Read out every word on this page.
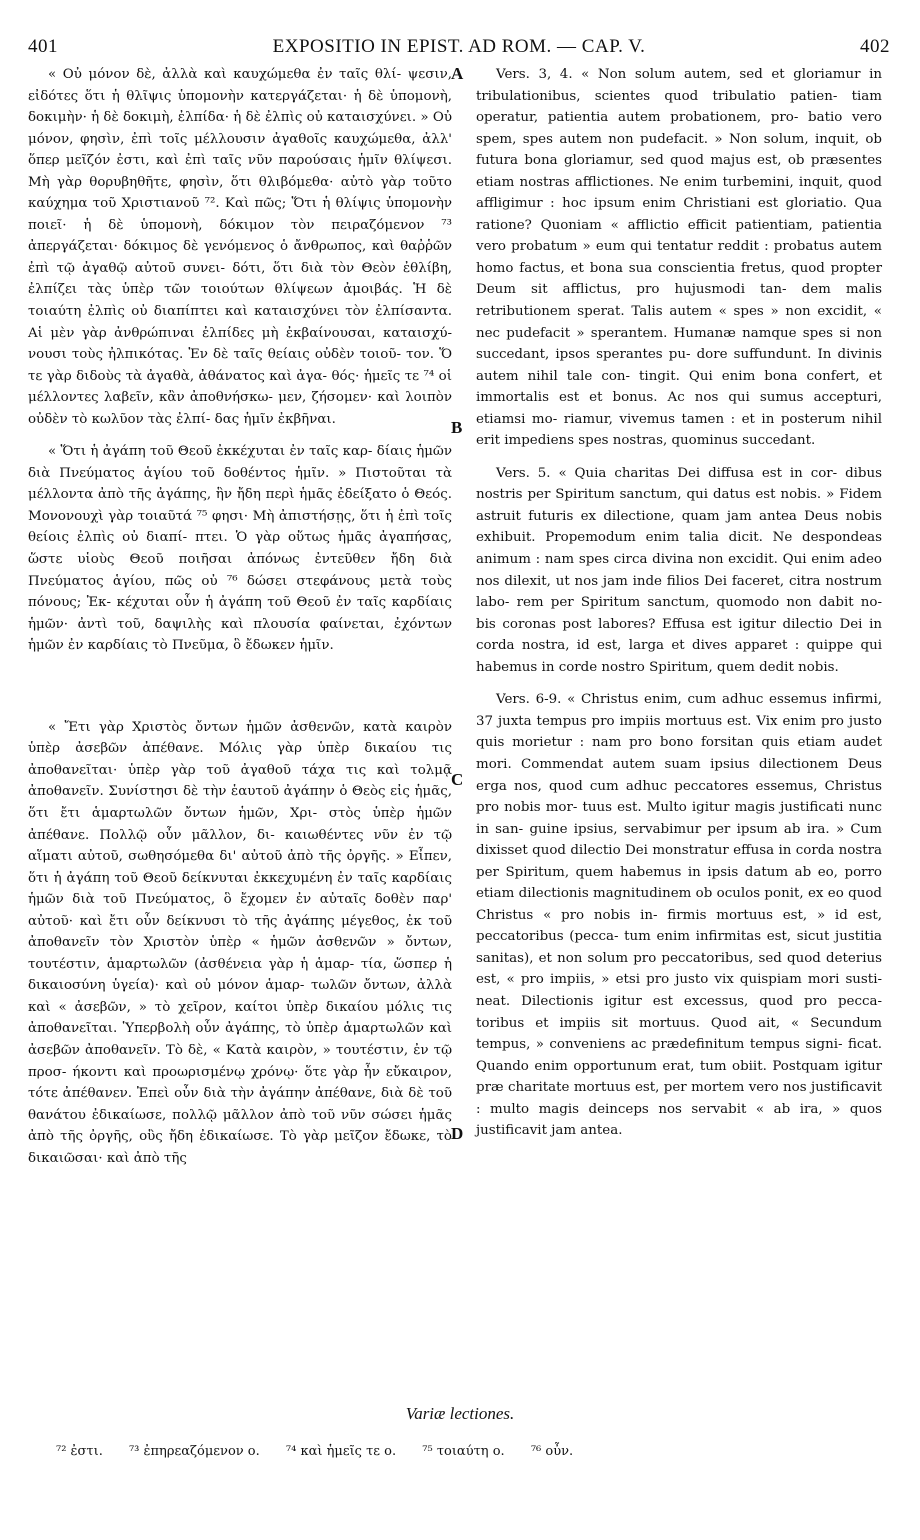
401	EXPOSITIO IN EPIST. AD ROM. — CAP. V.	402

« Οὐ μόνον δὲ, ἀλλὰ καὶ καυχώμεθα ἐν ταῖς θλί- ψεσιν, εἰδότες ὅτι ἡ θλῖψις ὑπομονὴν κατεργάζεται· ἡ δὲ ὑπομονὴ, δοκιμὴν· ἡ δὲ δοκιμὴ, ἐλπίδα· ἡ δὲ ἐλπὶς οὐ καταισχύνει. » Οὐ μόνον, φησὶν, ἐπὶ τοῖς μέλλουσιν ἀγαθοῖς καυχώμεθα, ἀλλ' ὅπερ μεῖζόν ἐστι, καὶ ἐπὶ ταῖς νῦν παρούσαις ἡμῖν θλίψεσι. Μὴ γὰρ θορυβηθῆτε, φησὶν, ὅτι θλιβόμεθα· αὐτὸ γὰρ τοῦτο καύχημα τοῦ Χριστιανοῦ ⁷². Καὶ πῶς; Ὅτι ἡ θλίψις ὑπομονὴν ποιεῖ· ἡ δὲ ὑπομονὴ, δόκιμον τὸν πειραζόμενον ⁷³ ἀπεργάζεται· δόκιμος δὲ γενόμενος ὁ ἄνθρωπος, καὶ θαῤῥῶν ἐπὶ τῷ ἀγαθῷ αὐτοῦ συνει- δότι, ὅτι διὰ τὸν Θεὸν ἐθλίβη, ἐλπίζει τὰς ὑπὲρ τῶν τοιούτων θλίψεων ἀμοιβάς. Ἡ δὲ τοιαύτη ἐλπὶς οὐ διαπίπτει καὶ καταισχύνει τὸν ἐλπίσαντα. Αἱ μὲν γὰρ ἀνθρώπιναι ἐλπίδες μὴ ἐκβαίνουσαι, καταισχύ- νουσι τοὺς ἠλπικότας. Ἐν δὲ ταῖς θείαις οὐδὲν τοιοῦ- τον. Ὅ τε γὰρ διδοὺς τὰ ἀγαθὰ, ἀθάνατος καὶ ἀγα- θός· ἡμεῖς τε ⁷⁴ οἱ μέλλοντες λαβεῖν, κἂν ἀποθνήσκω- μεν, ζήσομεν· καὶ λοιπὸν οὐδὲν τὸ κωλῦον τὰς ἐλπί- δας ἡμῖν ἐκβῆναι.

« Ὅτι ἡ ἀγάπη τοῦ Θεοῦ ἐκκέχυται ἐν ταῖς καρ- δίαις ἡμῶν διὰ Πνεύματος ἁγίου τοῦ δοθέντος ἡμῖν. » Πιστοῦται τὰ μέλλοντα ἀπὸ τῆς ἀγάπης, ἣν ἤδη περὶ ἡμᾶς ἐδείξατο ὁ Θεός. Μονονουχὶ γὰρ τοιαῦτά ⁷⁵ φησι· Μὴ ἀπιστήσῃς, ὅτι ἡ ἐπὶ τοῖς θείοις ἐλπὶς οὐ διαπί- πτει. Ὁ γὰρ οὕτως ἡμᾶς ἀγαπήσας, ὥστε υἱοὺς Θεοῦ ποιῆσαι ἀπόνως ἐντεῦθεν ἤδη διὰ Πνεύματος ἁγίου, πῶς οὐ ⁷⁶ δώσει στεφάνους μετὰ τοὺς πόνους; Ἐκ- κέχυται οὖν ἡ ἀγάπη τοῦ Θεοῦ ἐν ταῖς καρδίαις ἡμῶν· ἀντὶ τοῦ, δαψιλὴς καὶ πλουσία φαίνεται, ἐχόντων ἡμῶν ἐν καρδίαις τὸ Πνεῦμα, ὃ ἔδωκεν ἡμῖν.

« Ἔτι γὰρ Χριστὸς ὄντων ἡμῶν ἀσθενῶν, κατὰ καιρὸν ὑπὲρ ἀσεβῶν ἀπέθανε. Μόλις γὰρ ὑπὲρ δικαίου τις ἀποθανεῖται· ὑπὲρ γὰρ τοῦ ἀγαθοῦ τάχα τις καὶ τολμᾷ ἀποθανεῖν. Συνίστησι δὲ τὴν ἑαυτοῦ ἀγάπην ὁ Θεὸς εἰς ἡμᾶς, ὅτι ἔτι ἁμαρτωλῶν ὄντων ἡμῶν, Χρι- στὸς ὑπὲρ ἡμῶν ἀπέθανε. Πολλῷ οὖν μᾶλλον, δι- καιωθέντες νῦν ἐν τῷ αἵματι αὐτοῦ, σωθησόμεθα δι' αὐτοῦ ἀπὸ τῆς ὀργῆς. » Εἶπεν, ὅτι ἡ ἀγάπη τοῦ Θεοῦ δείκνυται ἐκκεχυμένη ἐν ταῖς καρδίαις ἡμῶν διὰ τοῦ Πνεύματος, ὃ ἔχομεν ἐν αὐταῖς δοθὲν παρ' αὐτοῦ· καὶ ἔτι οὖν δείκνυσι τὸ τῆς ἀγάπης μέγεθος, ἐκ τοῦ ἀποθανεῖν τὸν Χριστὸν ὑπὲρ « ἡμῶν ἀσθενῶν » ὄντων, τουτέστιν, ἁμαρτωλῶν (ἀσθένεια γὰρ ἡ ἁμαρ- τία, ὥσπερ ἡ δικαιοσύνη ὑγεία)· καὶ οὐ μόνον ἁμαρ- τωλῶν ὄντων, ἀλλὰ καὶ « ἀσεβῶν, » τὸ χεῖρον, καίτοι ὑπὲρ δικαίου μόλις τις ἀποθανεῖται. Ὑπερβολὴ οὖν ἀγάπης, τὸ ὑπὲρ ἁμαρτωλῶν καὶ ἀσεβῶν ἀποθανεῖν. Τὸ δὲ, « Κατὰ καιρὸν, » τουτέστιν, ἐν τῷ προσ- ήκοντι καὶ προωρισμένῳ χρόνῳ· ὅτε γὰρ ἦν εὔκαιρον, τότε ἀπέθανεν. Ἐπεὶ οὖν διὰ τὴν ἀγάπην ἀπέθανε, διὰ δὲ τοῦ θανάτου ἐδικαίωσε, πολλῷ μᾶλλον ἀπὸ τοῦ νῦν σώσει ἡμᾶς ἀπὸ τῆς ὀργῆς, οὓς ἤδη ἐδικαίωσε. Τὸ γὰρ μεῖζον ἔδωκε, τὸ δικαιῶσαι· καὶ ἀπὸ τῆς

Vers. 3, 4. « Non solum autem, sed et gloriamur in tribulationibus, scientes quod tribulatio patien- tiam operatur, patientia autem probationem, pro- batio vero spem, spes autem non pudefacit. » Non solum, inquit, ob futura bona gloriamur, sed quod majus est, ob præsentes etiam nostras afflictiones. Ne enim turbemini, inquit, quod affligimur : hoc ipsum enim Christiani est gloriatio. Qua ratione? Quoniam « afflictio efficit patientiam, patientia vero probatum » eum qui tentatur reddit : probatus autem homo factus, et bona sua conscientia fretus, quod propter Deum sit afflictus, pro hujusmodi tan- dem malis retributionem sperat. Talis autem « spes » non excidit, « nec pudefacit » sperantem. Humanæ namque spes si non succedant, ipsos sperantes pu- dore suffundunt. In divinis autem nihil tale con- tingit. Qui enim bona confert, et immortalis est et bonus. Ac nos qui sumus accepturi, etiamsi mo- riamur, vivemus tamen : et in posterum nihil erit impediens spes nostras, quominus succedant.

Vers. 5. « Quia charitas Dei diffusa est in cor- dibus nostris per Spiritum sanctum, qui datus est nobis. » Fidem astruit futuris ex dilectione, quam jam antea Deus nobis exhibuit. Propemodum enim talia dicit. Ne despondeas animum : nam spes circa divina non excidit. Qui enim adeo nos dilexit, ut nos jam inde filios Dei faceret, citra nostrum labo- rem per Spiritum sanctum, quomodo non dabit no- bis coronas post labores? Effusa est igitur dilectio Dei in corda nostra, id est, larga et dives apparet : quippe qui habemus in corde nostro Spiritum, quem dedit nobis.

Vers. 6-9. « Christus enim, cum adhuc essemus infirmi, 37 juxta tempus pro impiis mortuus est. Vix enim pro justo quis morietur : nam pro bono forsitan quis etiam audet mori. Commendat autem suam ipsius dilectionem Deus erga nos, quod cum adhuc peccatores essemus, Christus pro nobis mor- tuus est. Multo igitur magis justificati nunc in san- guine ipsius, servabimur per ipsum ab ira. » Cum dixisset quod dilectio Dei monstratur effusa in corda nostra per Spiritum, quem habemus in ipsis datum ab eo, porro etiam dilectionis magnitudinem ob oculos ponit, ex eo quod Christus « pro nobis in- firmis mortuus est, » id est, peccatoribus (pecca- tum enim infirmitas est, sicut justitia sanitas), et non solum pro peccatoribus, sed quod deterius est, « pro impiis, » etsi pro justo vix quispiam mori susti- neat. Dilectionis igitur est excessus, quod pro pecca- toribus et impiis sit mortuus. Quod ait, « Secundum tempus, » conveniens ac prædefinitum tempus signi- ficat. Quando enim opportunum erat, tum obiit. Postquam igitur præ charitate mortuus est, per mortem vero nos justificavit : multo magis deinceps nos servabit « ab ira, » quos justificavit jam antea.

A
B
C
D
Variæ lectiones.
⁷² ἐστι. ⁷³ ἐπηρεαζόμενον ο. ⁷⁴ καὶ ἡμεῖς τε ο. ⁷⁵ τοιαύτη ο. ⁷⁶ οὖν.
